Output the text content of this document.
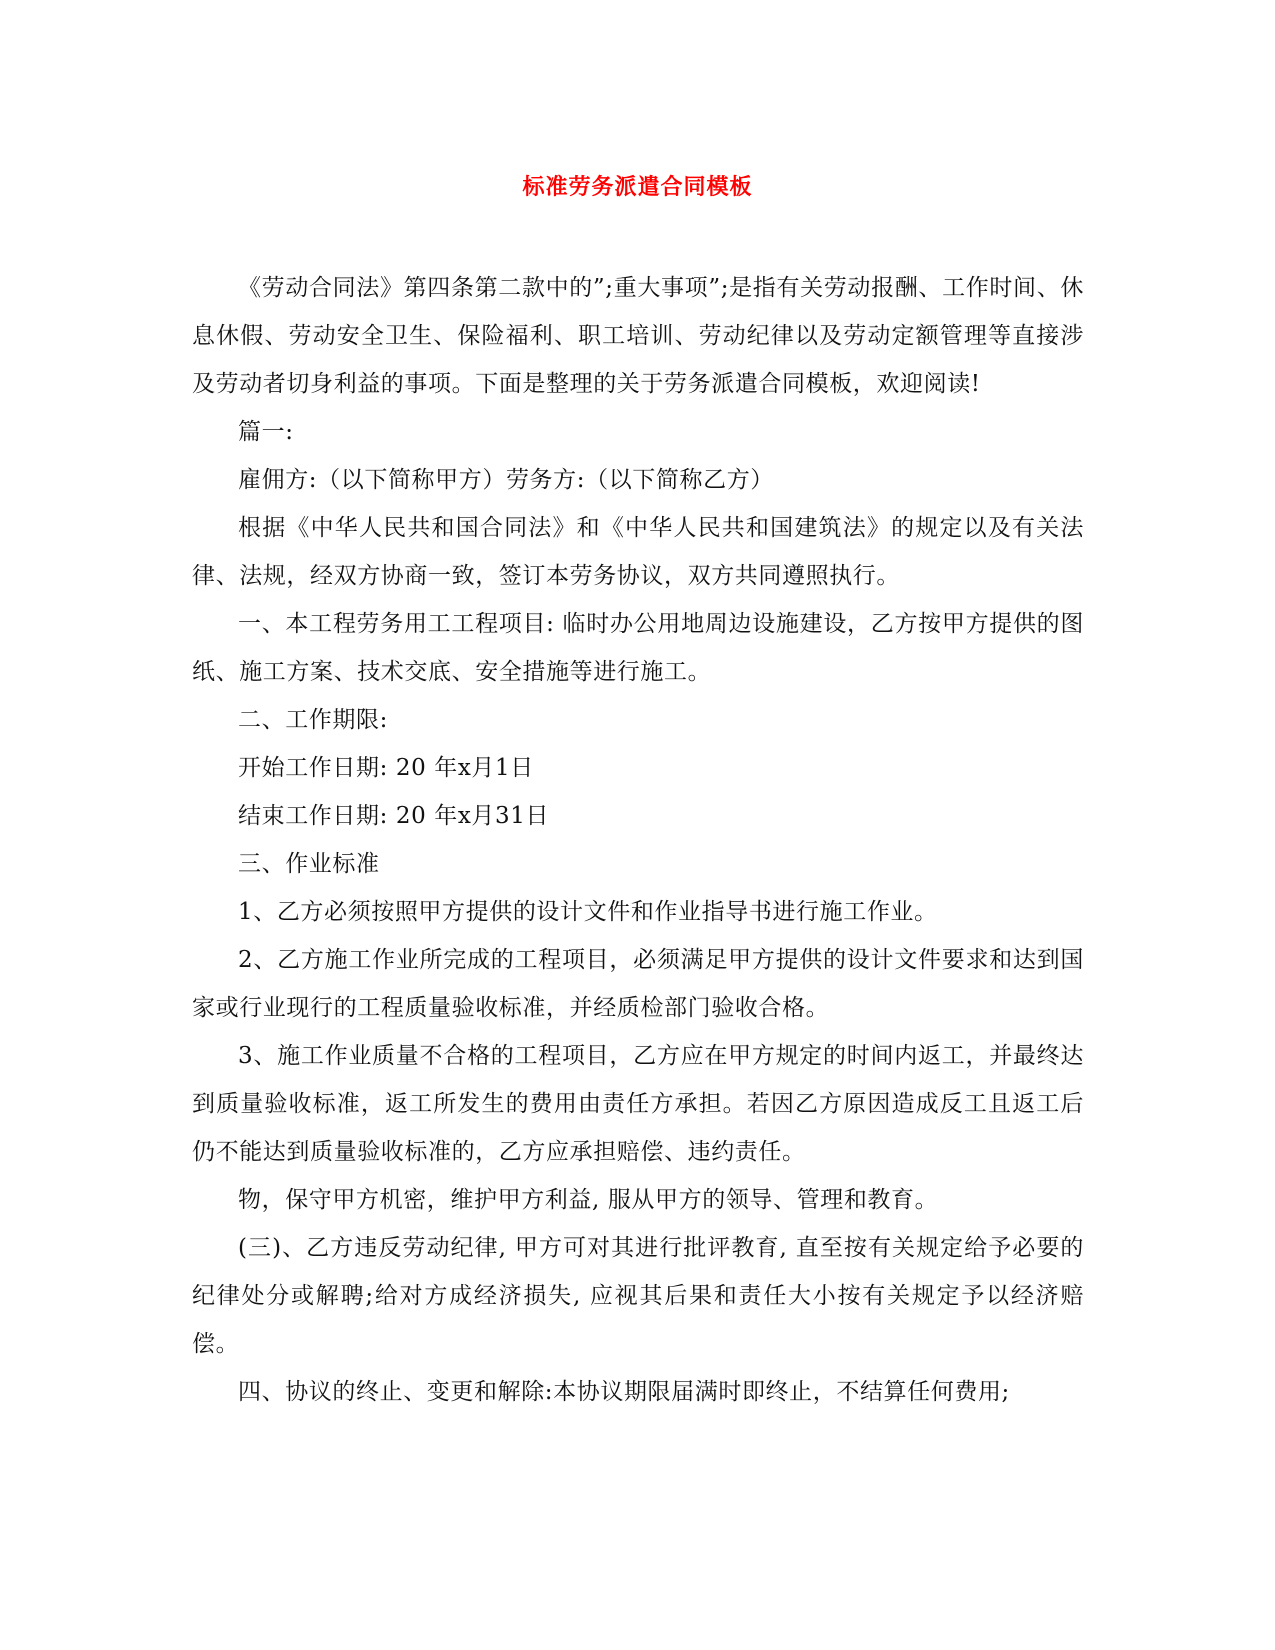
标准劳务派遣合同模板

《劳动合同法》第四条第二款中的”;重大事项”;是指有关劳动报酬、工作时间、休息休假、劳动安全卫生、保险福利、职工培训、劳动纪律以及劳动定额管理等直接涉及劳动者切身利益的事项。下面是整理的关于劳务派遣合同模板，欢迎阅读!

篇一:

雇佣方:（以下简称甲方）劳务方:（以下简称乙方）

根据《中华人民共和国合同法》和《中华人民共和国建筑法》的规定以及有关法律、法规，经双方协商一致，签订本劳务协议，双方共同遵照执行。

一、本工程劳务用工工程项目: 临时办公用地周边设施建设，乙方按甲方提供的图纸、施工方案、技术交底、安全措施等进行施工。

二、工作期限:

开始工作日期: 20 年x月1日

结束工作日期: 20 年x月31日

三、作业标准

1、乙方必须按照甲方提供的设计文件和作业指导书进行施工作业。

2、乙方施工作业所完成的工程项目，必须满足甲方提供的设计文件要求和达到国家或行业现行的工程质量验收标准，并经质检部门验收合格。

3、施工作业质量不合格的工程项目，乙方应在甲方规定的时间内返工，并最终达到质量验收标准，返工所发生的费用由责任方承担。若因乙方原因造成反工且返工后仍不能达到质量验收标准的，乙方应承担赔偿、违约责任。

物，保守甲方机密，维护甲方利益, 服从甲方的领导、管理和教育。

(三)、乙方违反劳动纪律, 甲方可对其进行批评教育, 直至按有关规定给予必要的纪律处分或解聘;给对方成经济损失, 应视其后果和责任大小按有关规定予以经济赔偿。

四、协议的终止、变更和解除:本协议期限届满时即终止，不结算任何费用;
